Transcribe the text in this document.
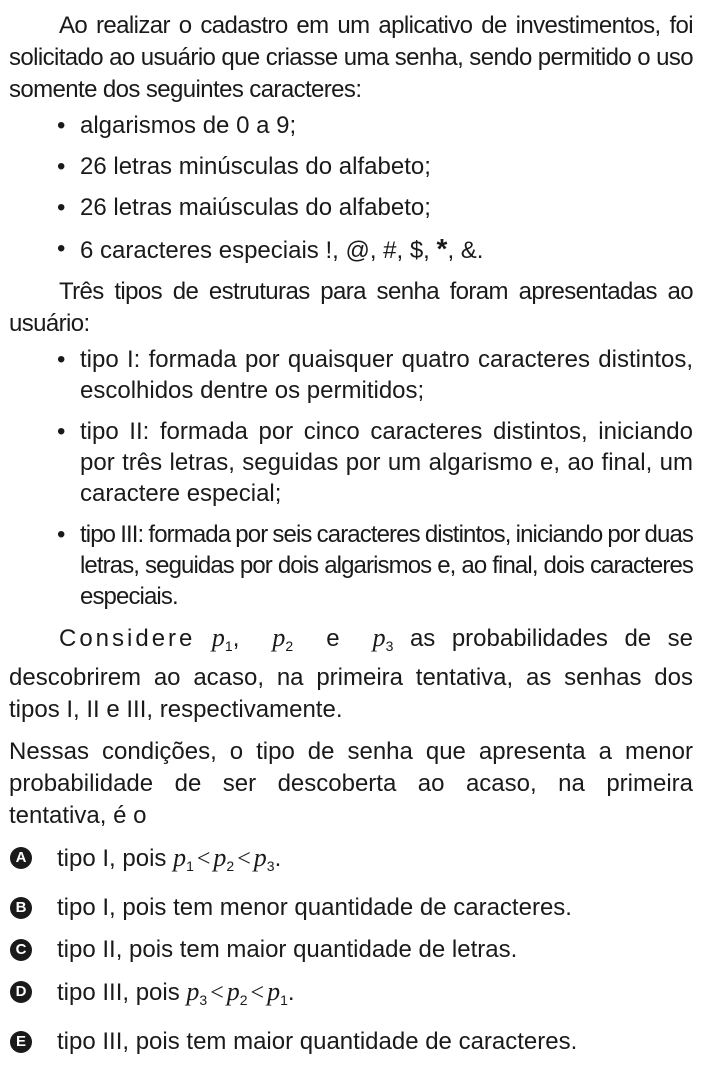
Ao realizar o cadastro em um aplicativo de investimentos, foi solicitado ao usuário que criasse uma senha, sendo permitido o uso somente dos seguintes caracteres:

• algarismos de 0 a 9;
• 26 letras minúsculas do alfabeto;
• 26 letras maiúsculas do alfabeto;
• 6 caracteres especiais !, @, #, $, *, &.

Três tipos de estruturas para senha foram apresentadas ao usuário:

• tipo I: formada por quaisquer quatro caracteres distintos, escolhidos dentre os permitidos;
• tipo II: formada por cinco caracteres distintos, iniciando por três letras, seguidas por um algarismo e, ao final, um caractere especial;
• tipo III: formada por seis caracteres distintos, iniciando por duas letras, seguidas por dois algarismos e, ao final, dois caracteres especiais.

Considere $p_1$, $p_2$ e $p_3$ as probabilidades de se descobrirem ao acaso, na primeira tentativa, as senhas dos tipos I, II e III, respectivamente.

Nessas condições, o tipo de senha que apresenta a menor probabilidade de ser descoberta ao acaso, na primeira tentativa, é o

A tipo I, pois $p_1 < p_2 < p_3$.
B tipo I, pois tem menor quantidade de caracteres.
C tipo II, pois tem maior quantidade de letras.
D tipo III, pois $p_3 < p_2 < p_1$.
E tipo III, pois tem maior quantidade de caracteres.
